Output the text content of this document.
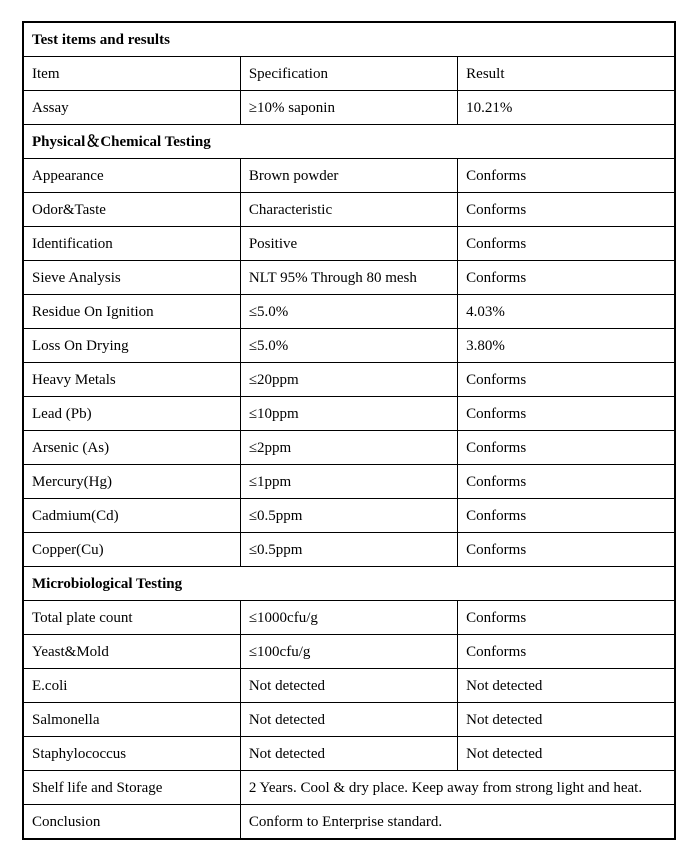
Test items and results		
Item	Specification	Result
Assay	≥10% saponin	10.21%
Physical＆Chemical Testing		
Appearance	Brown powder	Conforms
Odor&Taste	Characteristic	Conforms
Identification	Positive	Conforms
Sieve Analysis	NLT 95% Through 80 mesh	Conforms
Residue On Ignition	≤5.0%	4.03%
Loss On Drying	≤5.0%	3.80%
Heavy Metals	≤20ppm	Conforms
Lead (Pb)	≤10ppm	Conforms
Arsenic (As)	≤2ppm	Conforms
Mercury(Hg)	≤1ppm	Conforms
Cadmium(Cd)	≤0.5ppm	Conforms
Copper(Cu)	≤0.5ppm	Conforms
Microbiological Testing		
Total plate count	≤1000cfu/g	Conforms
Yeast&Mold	≤100cfu/g	Conforms
E.coli	Not detected	Not detected
Salmonella	Not detected	Not detected
Staphylococcus	Not detected	Not detected
Shelf life and Storage	2 Years. Cool & dry place. Keep away from strong light and heat.	
Conclusion	Conform to Enterprise standard.	
